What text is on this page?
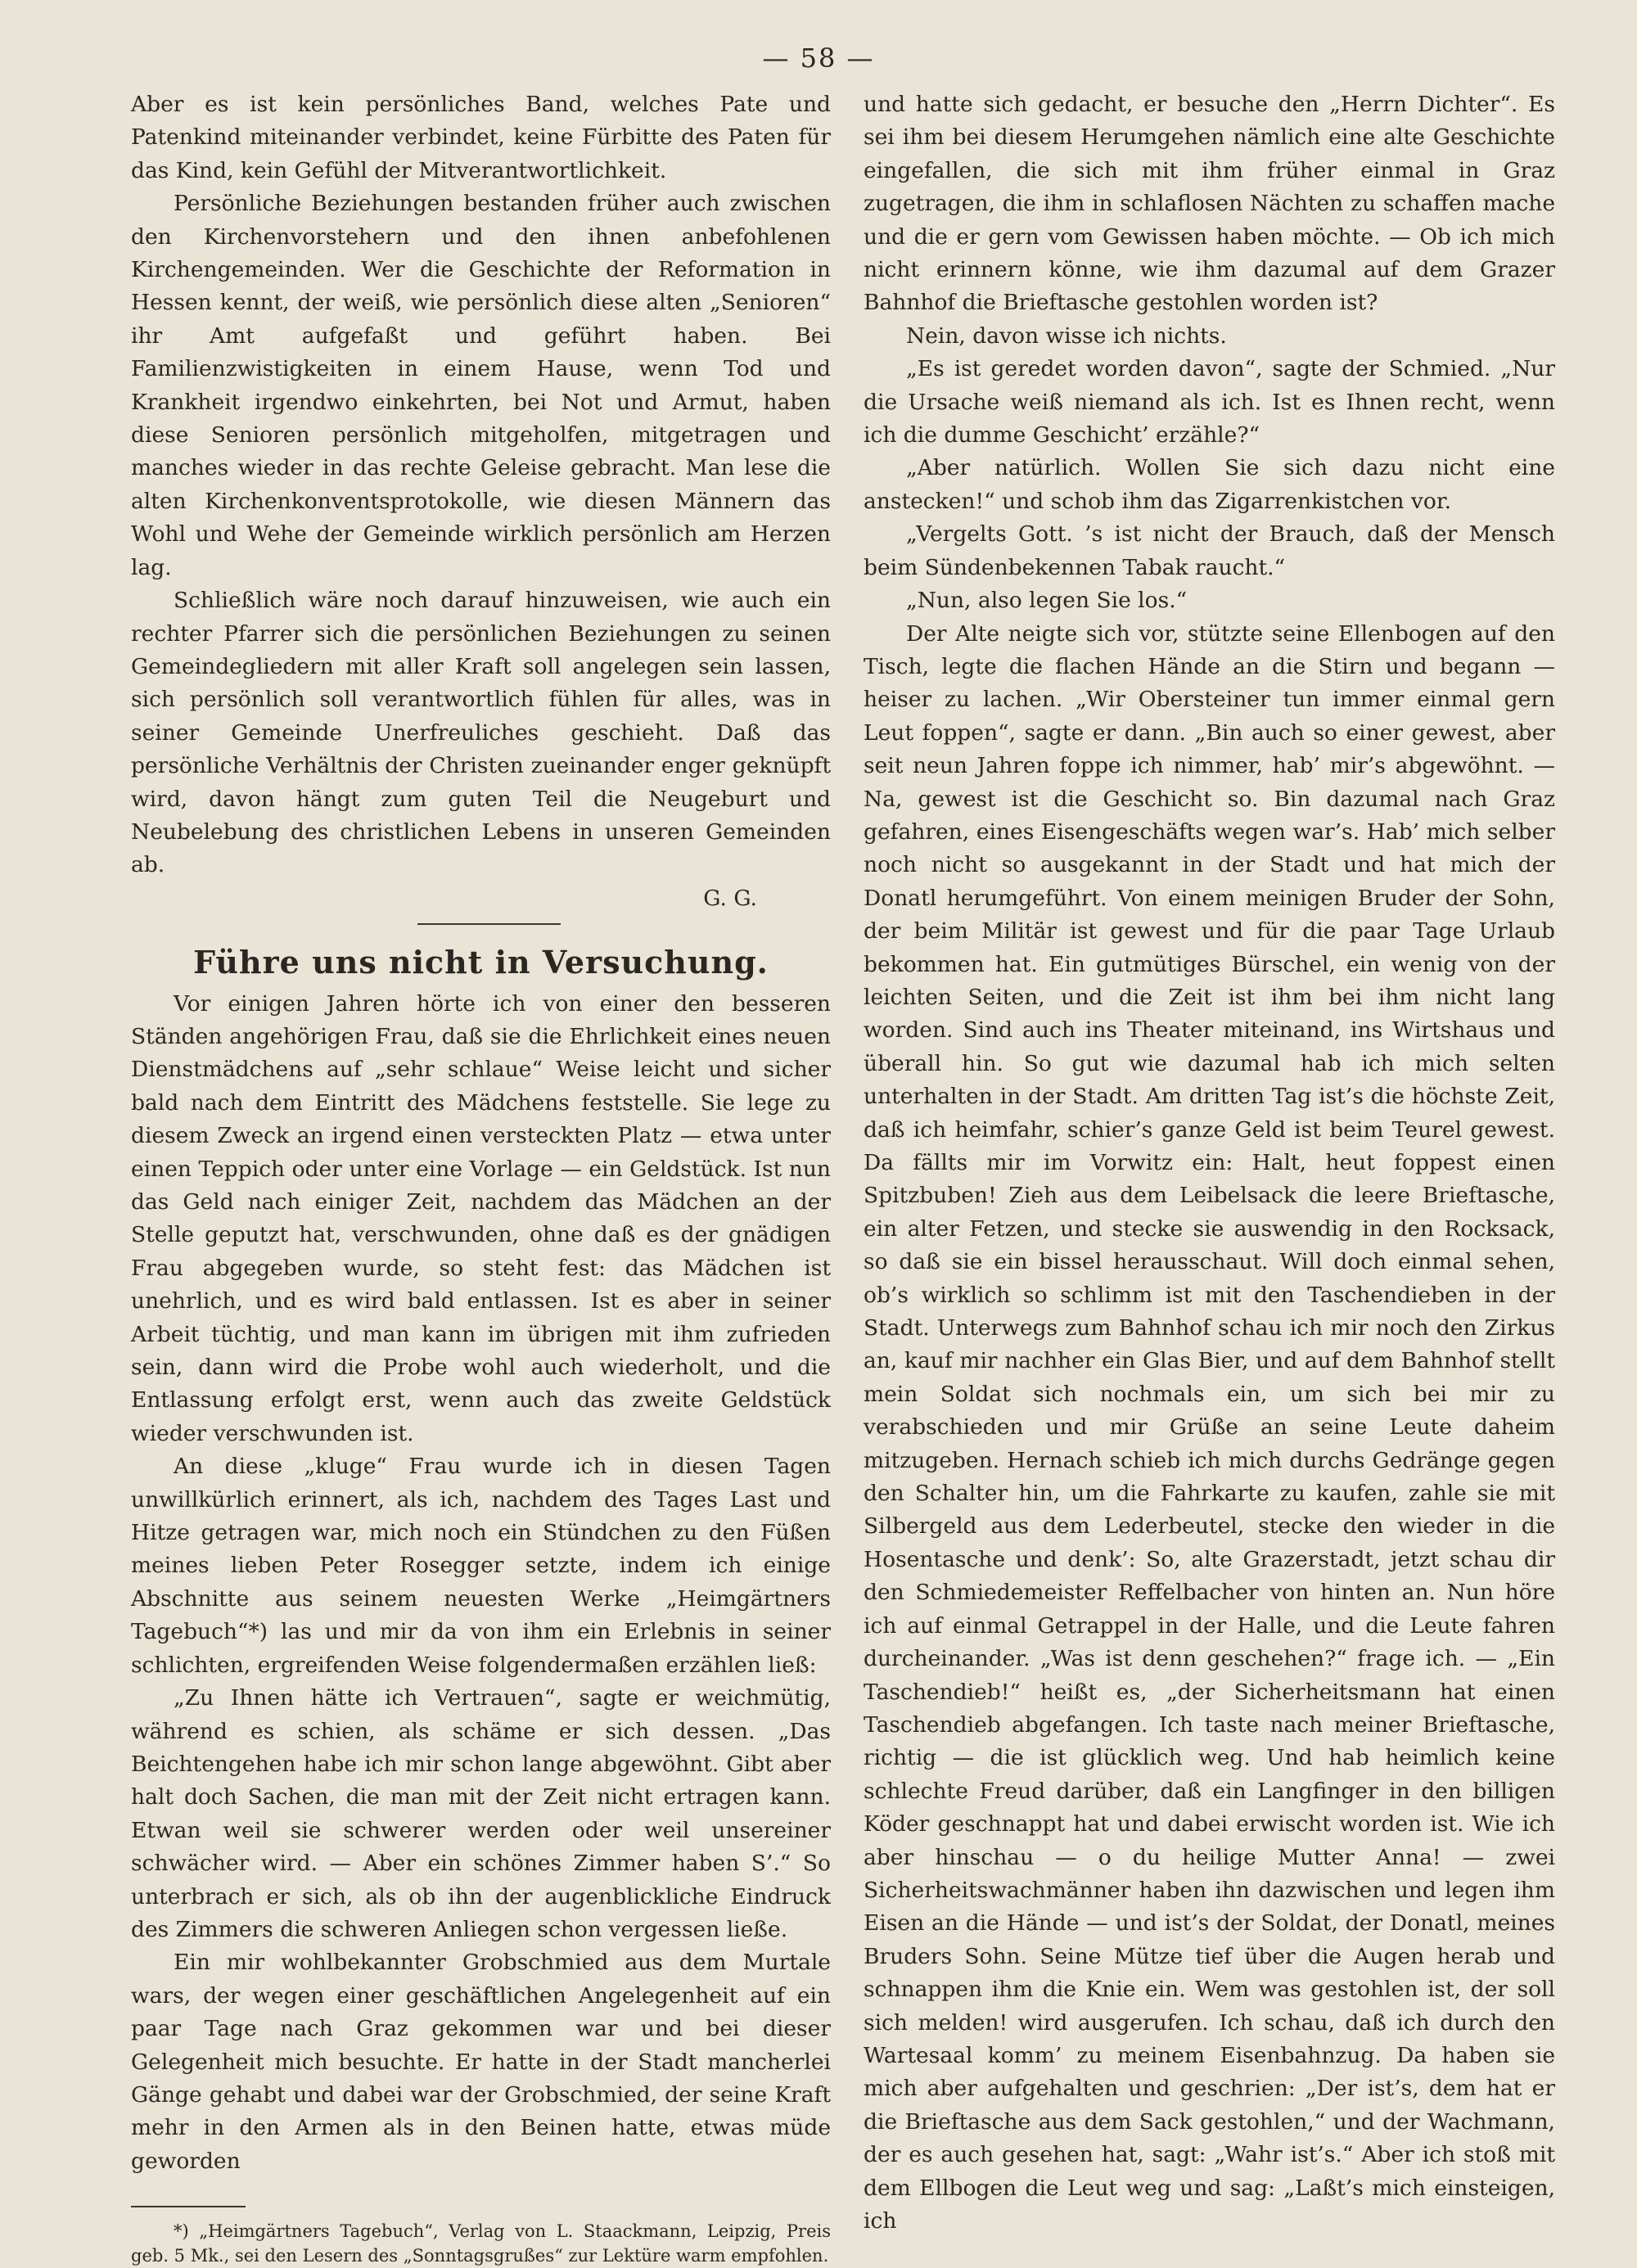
— 58 —

Aber es ist kein persönliches Band, welches Pate und Patenkind miteinander verbindet, keine Fürbitte des Paten für das Kind, kein Gefühl der Mitverantwortlichkeit.

Persönliche Beziehungen bestanden früher auch zwischen den Kirchenvorstehern und den ihnen anbefohlenen Kirchengemeinden. Wer die Geschichte der Reformation in Hessen kennt, der weiß, wie persönlich diese alten „Senioren“ ihr Amt aufgefaßt und geführt haben. Bei Familienzwistigkeiten in einem Hause, wenn Tod und Krankheit irgendwo einkehrten, bei Not und Armut, haben diese Senioren persönlich mitgeholfen, mitgetragen und manches wieder in das rechte Geleise gebracht. Man lese die alten Kirchenkonventsprotokolle, wie diesen Männern das Wohl und Wehe der Gemeinde wirklich persönlich am Herzen lag.

Schließlich wäre noch darauf hinzuweisen, wie auch ein rechter Pfarrer sich die persönlichen Beziehungen zu seinen Gemeindegliedern mit aller Kraft soll angelegen sein lassen, sich persönlich soll verantwortlich fühlen für alles, was in seiner Gemeinde Unerfreuliches geschieht. Daß das persönliche Verhältnis der Christen zueinander enger geknüpft wird, davon hängt zum guten Teil die Neugeburt und Neubelebung des christlichen Lebens in unseren Gemeinden ab.

G. G.

Führe uns nicht in Versuchung.

Vor einigen Jahren hörte ich von einer den besseren Ständen angehörigen Frau, daß sie die Ehrlichkeit eines neuen Dienstmädchens auf „sehr schlaue“ Weise leicht und sicher bald nach dem Eintritt des Mädchens feststelle. Sie lege zu diesem Zweck an irgend einen versteckten Platz — etwa unter einen Teppich oder unter eine Vorlage — ein Geldstück. Ist nun das Geld nach einiger Zeit, nachdem das Mädchen an der Stelle geputzt hat, verschwunden, ohne daß es der gnädigen Frau abgegeben wurde, so steht fest: das Mädchen ist unehrlich, und es wird bald entlassen. Ist es aber in seiner Arbeit tüchtig, und man kann im übrigen mit ihm zufrieden sein, dann wird die Probe wohl auch wiederholt, und die Entlassung erfolgt erst, wenn auch das zweite Geldstück wieder verschwunden ist.

An diese „kluge“ Frau wurde ich in diesen Tagen unwillkürlich erinnert, als ich, nachdem des Tages Last und Hitze getragen war, mich noch ein Stündchen zu den Füßen meines lieben Peter Rosegger setzte, indem ich einige Abschnitte aus seinem neuesten Werke „Heimgärtners Tagebuch“*) las und mir da von ihm ein Erlebnis in seiner schlichten, ergreifenden Weise folgendermaßen erzählen ließ:

„Zu Ihnen hätte ich Vertrauen“, sagte er weichmütig, während es schien, als schäme er sich dessen. „Das Beichtengehen habe ich mir schon lange abgewöhnt. Gibt aber halt doch Sachen, die man mit der Zeit nicht ertragen kann. Etwan weil sie schwerer werden oder weil unsereiner schwächer wird. — Aber ein schönes Zimmer haben S’.“ So unterbrach er sich, als ob ihn der augenblickliche Eindruck des Zimmers die schweren Anliegen schon vergessen ließe.

Ein mir wohlbekannter Grobschmied aus dem Murtale wars, der wegen einer geschäftlichen Angelegenheit auf ein paar Tage nach Graz gekommen war und bei dieser Gelegenheit mich besuchte. Er hatte in der Stadt mancherlei Gänge gehabt und dabei war der Grobschmied, der seine Kraft mehr in den Armen als in den Beinen hatte, etwas müde geworden

*) „Heimgärtners Tagebuch“, Verlag von L. Staackmann, Leipzig, Preis geb. 5 Mk., sei den Lesern des „Sonntagsgrußes“ zur Lektüre warm empfohlen.

und hatte sich gedacht, er besuche den „Herrn Dichter“. Es sei ihm bei diesem Herumgehen nämlich eine alte Geschichte eingefallen, die sich mit ihm früher einmal in Graz zugetragen, die ihm in schlaflosen Nächten zu schaffen mache und die er gern vom Gewissen haben möchte. — Ob ich mich nicht erinnern könne, wie ihm dazumal auf dem Grazer Bahnhof die Brieftasche gestohlen worden ist?

Nein, davon wisse ich nichts.

„Es ist geredet worden davon“, sagte der Schmied. „Nur die Ursache weiß niemand als ich. Ist es Ihnen recht, wenn ich die dumme Geschicht’ erzähle?“

„Aber natürlich. Wollen Sie sich dazu nicht eine anstecken!“ und schob ihm das Zigarrenkistchen vor.

„Vergelts Gott. ’s ist nicht der Brauch, daß der Mensch beim Sündenbekennen Tabak raucht.“

„Nun, also legen Sie los.“

Der Alte neigte sich vor, stützte seine Ellenbogen auf den Tisch, legte die flachen Hände an die Stirn und begann — heiser zu lachen. „Wir Obersteiner tun immer einmal gern Leut foppen“, sagte er dann. „Bin auch so einer gewest, aber seit neun Jahren foppe ich nimmer, hab’ mir’s abgewöhnt. — Na, gewest ist die Geschicht so. Bin dazumal nach Graz gefahren, eines Eisengeschäfts wegen war’s. Hab’ mich selber noch nicht so ausgekannt in der Stadt und hat mich der Donatl herumgeführt. Von einem meinigen Bruder der Sohn, der beim Militär ist gewest und für die paar Tage Urlaub bekommen hat. Ein gutmütiges Bürschel, ein wenig von der leichten Seiten, und die Zeit ist ihm bei ihm nicht lang worden. Sind auch ins Theater miteinand, ins Wirtshaus und überall hin. So gut wie dazumal hab ich mich selten unterhalten in der Stadt. Am dritten Tag ist’s die höchste Zeit, daß ich heimfahr, schier’s ganze Geld ist beim Teurel gewest. Da fällts mir im Vorwitz ein: Halt, heut foppest einen Spitzbuben! Zieh aus dem Leibelsack die leere Brieftasche, ein alter Fetzen, und stecke sie auswendig in den Rocksack, so daß sie ein bissel herausschaut. Will doch einmal sehen, ob’s wirklich so schlimm ist mit den Taschendieben in der Stadt. Unterwegs zum Bahnhof schau ich mir noch den Zirkus an, kauf mir nachher ein Glas Bier, und auf dem Bahnhof stellt mein Soldat sich nochmals ein, um sich bei mir zu verabschieden und mir Grüße an seine Leute daheim mitzugeben. Hernach schieb ich mich durchs Gedränge gegen den Schalter hin, um die Fahrkarte zu kaufen, zahle sie mit Silbergeld aus dem Lederbeutel, stecke den wieder in die Hosentasche und denk’: So, alte Grazerstadt, jetzt schau dir den Schmiedemeister Reffelbacher von hinten an. Nun höre ich auf einmal Getrappel in der Halle, und die Leute fahren durcheinander. „Was ist denn geschehen?“ frage ich. — „Ein Taschendieb!“ heißt es, „der Sicherheitsmann hat einen Taschendieb abgefangen. Ich taste nach meiner Brieftasche, richtig — die ist glücklich weg. Und hab heimlich keine schlechte Freud darüber, daß ein Langfinger in den billigen Köder geschnappt hat und dabei erwischt worden ist. Wie ich aber hinschau — o du heilige Mutter Anna! — zwei Sicherheitswachmänner haben ihn dazwischen und legen ihm Eisen an die Hände — und ist’s der Soldat, der Donatl, meines Bruders Sohn. Seine Mütze tief über die Augen herab und schnappen ihm die Knie ein. Wem was gestohlen ist, der soll sich melden! wird ausgerufen. Ich schau, daß ich durch den Wartesaal komm’ zu meinem Eisenbahnzug. Da haben sie mich aber aufgehalten und geschrien: „Der ist’s, dem hat er die Brieftasche aus dem Sack gestohlen,“ und der Wachmann, der es auch gesehen hat, sagt: „Wahr ist’s.“ Aber ich stoß mit dem Ellbogen die Leut weg und sag: „Laßt’s mich einsteigen, ich
